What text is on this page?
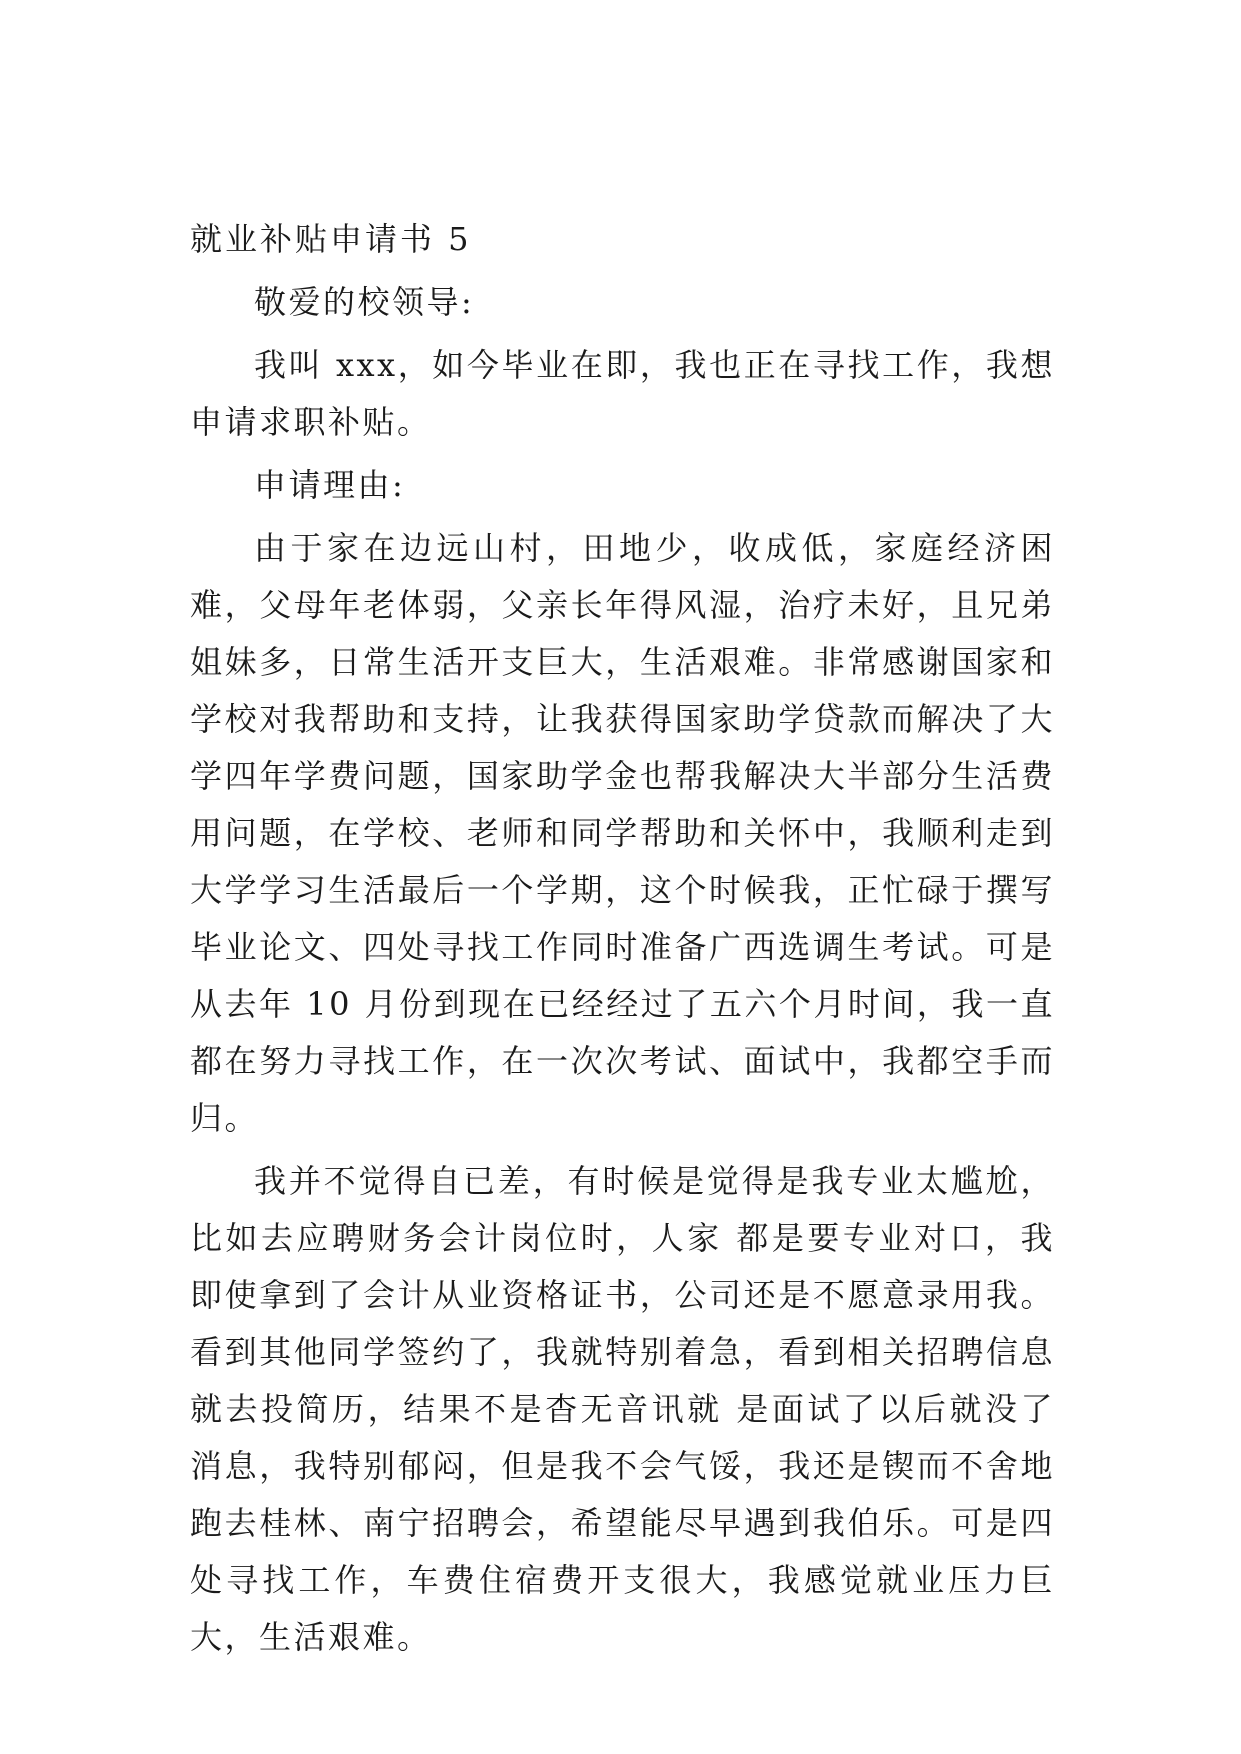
就业补贴申请书 5

敬爱的校领导:

我叫 xxx，如今毕业在即，我也正在寻找工作，我想申请求职补贴。

申请理由:

由于家在边远山村，田地少，收成低，家庭经济困难，父母年老体弱，父亲长年得风湿，治疗未好，且兄弟姐妹多，日常生活开支巨大，生活艰难。非常感谢国家和学校对我帮助和支持，让我获得国家助学贷款而解决了大学四年学费问题，国家助学金也帮我解决大半部分生活费用问题，在学校、老师和同学帮助和关怀中，我顺利走到大学学习生活最后一个学期，这个时候我，正忙碌于撰写毕业论文、四处寻找工作同时准备广西选调生考试。可是从去年 10 月份到现在已经经过了五六个月时间，我一直都在努力寻找工作，在一次次考试、面试中，我都空手而归。

我并不觉得自已差，有时候是觉得是我专业太尴尬，比如去应聘财务会计岗位时，人家 都是要专业对口，我即使拿到了会计从业资格证书，公司还是不愿意录用我。看到其他同学签约了，我就特别着急，看到相关招聘信息就去投简历，结果不是杳无音讯就 是面试了以后就没了消息，我特别郁闷，但是我不会气馁，我还是锲而不舍地跑去桂林、南宁招聘会，希望能尽早遇到我伯乐。可是四处寻找工作，车费住宿费开支很大，我感觉就业压力巨大，生活艰难。
